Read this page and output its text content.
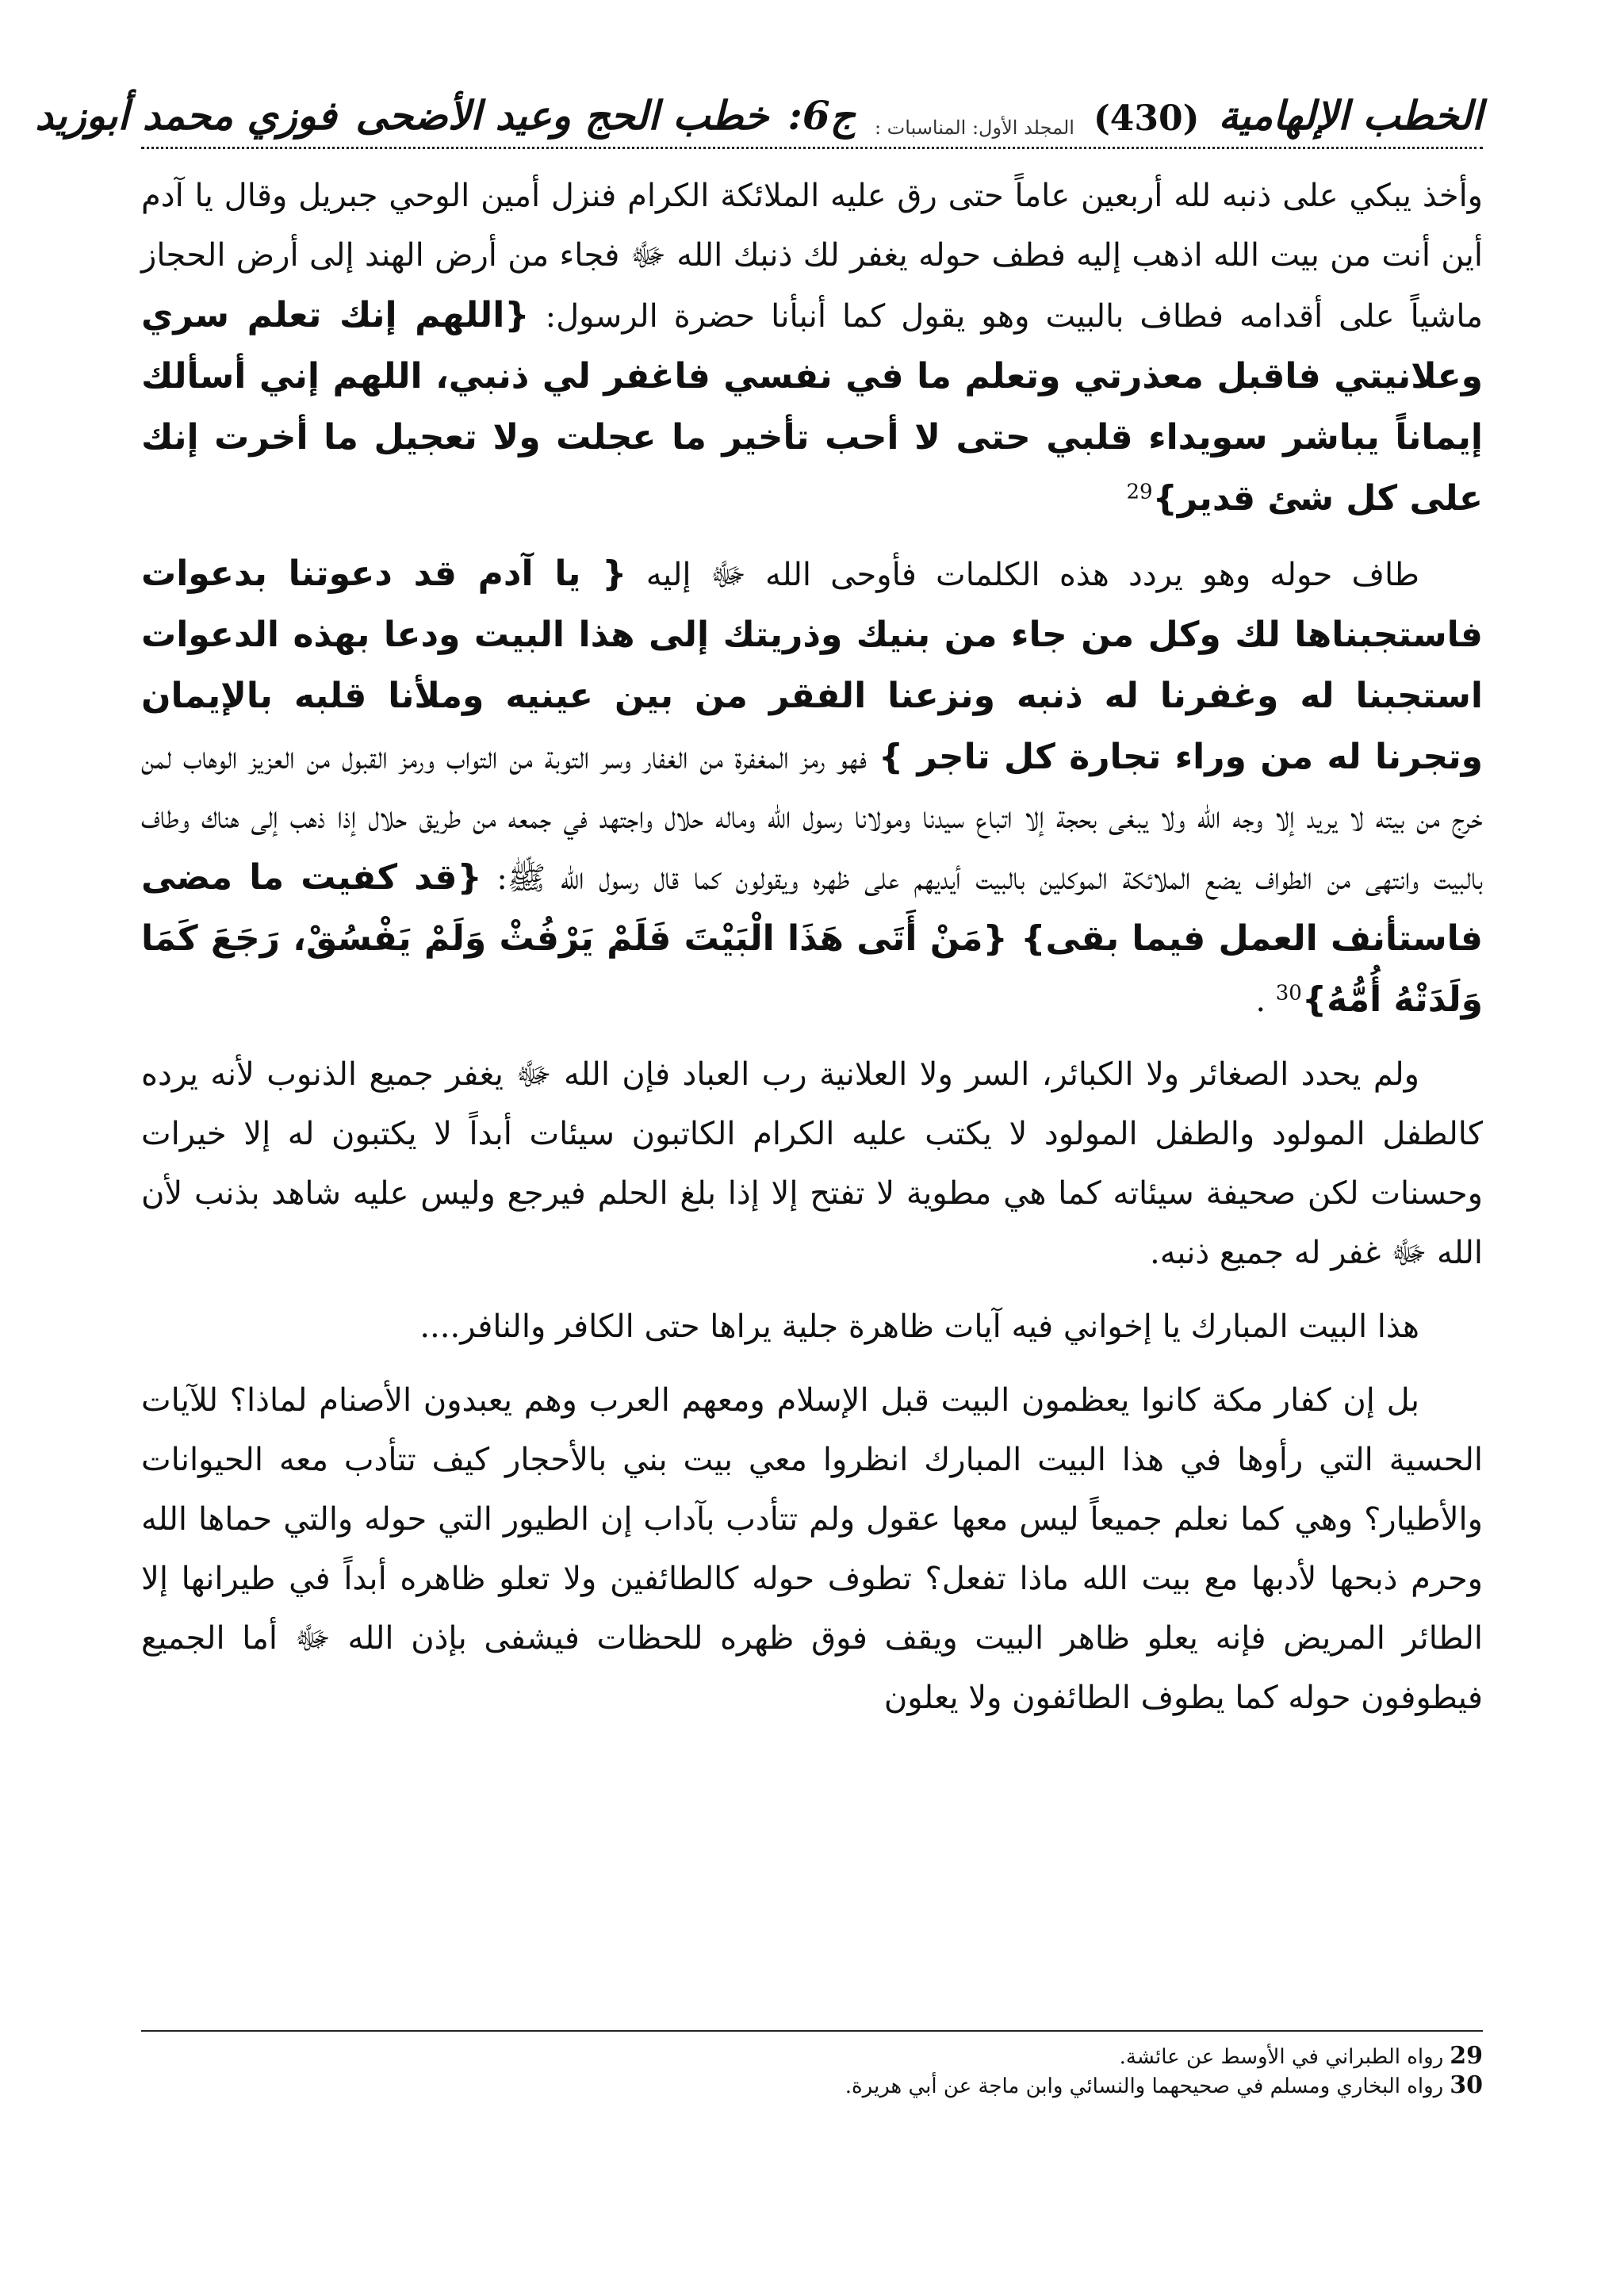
الخطب الإلهامية
(430)
المجلد الأول: المناسبات :
ج6:
خطب الحج وعيد الأضحى
فوزي محمد أبوزيد

وأخذ يبكي على ذنبه لله أربعين عاماً حتى رق عليه الملائكة الكرام فنزل أمين الوحي جبريل وقال يا آدم أين أنت من بيت الله اذهب إليه فطف حوله يغفر لك ذنبك الله ﷻ فجاء من أرض الهند إلى أرض الحجاز ماشياً على أقدامه فطاف بالبيت وهو يقول كما أنبأنا حضرة الرسول: {اللهم إنك تعلم سري وعلانيتي فاقبل معذرتي وتعلم ما في نفسي فاغفر لي ذنبي، اللهم إني أسألك إيماناً يباشر سويداء قلبي حتى لا أحب تأخير ما عجلت ولا تعجيل ما أخرت إنك على كل شئ قدير}$^{29}$

طاف حوله وهو يردد هذه الكلمات فأوحى الله ﷻ إليه { يا آدم قد دعوتنا بدعوات فاستجبناها لك وكل من جاء من بنيك وذريتك إلى هذا البيت ودعا بهذه الدعوات استجبنا له وغفرنا له ذنبه ونزعنا الفقر من بين عينيه وملأنا قلبه بالإيمان وتجرنا له من وراء تجارة كل تاجر } فهو رمز المغفرة من الغفار وسر التوبة من التواب ورمز القبول من العزيز الوهاب لمن خرج من بيته لا يريد إلا وجه الله ولا يبغى بحجة إلا اتباع سيدنا ومولانا رسول الله وماله حلال واجتهد في جمعه من طريق حلال إذا ذهب إلى هناك وطاف بالبيت وانتهى من الطواف يضع الملائكة الموكلين بالبيت أيديهم على ظهره ويقولون كما قال رسول الله ﷺ: {قد كفيت ما مضى فاستأنف العمل فيما بقى} {مَنْ أَتَى هَذَا الْبَيْتَ فَلَمْ يَرْفُثْ وَلَمْ يَفْسُقْ، رَجَعَ كَمَا وَلَدَتْهُ أُمُّهُ}$^{30}$ .

ولم يحدد الصغائر ولا الكبائر، السر ولا العلانية رب العباد فإن الله ﷻ يغفر جميع الذنوب لأنه يرده كالطفل المولود والطفل المولود لا يكتب عليه الكرام الكاتبون سيئات أبداً لا يكتبون له إلا خيرات وحسنات لكن صحيفة سيئاته كما هي مطوية لا تفتح إلا إذا بلغ الحلم فيرجع وليس عليه شاهد بذنب لأن الله ﷻ غفر له جميع ذنبه.

هذا البيت المبارك يا إخواني فيه آيات ظاهرة جلية يراها حتى الكافر والنافر....

بل إن كفار مكة كانوا يعظمون البيت قبل الإسلام ومعهم العرب وهم يعبدون الأصنام لماذا؟ للآيات الحسية التي رأوها في هذا البيت المبارك انظروا معي بيت بني بالأحجار كيف تتأدب معه الحيوانات والأطيار؟ وهي كما نعلم جميعاً ليس معها عقول ولم تتأدب بآداب إن الطيور التي حوله والتي حماها الله وحرم ذبحها لأدبها مع بيت الله ماذا تفعل؟ تطوف حوله كالطائفين ولا تعلو ظاهره أبداً في طيرانها إلا الطائر المريض فإنه يعلو ظاهر البيت ويقف فوق ظهره للحظات فيشفى بإذن الله ﷻ أما الجميع فيطوفون حوله كما يطوف الطائفون ولا يعلون

29رواه الطبراني في الأوسط عن عائشة.
30رواه البخاري ومسلم في صحيحهما والنسائي وابن ماجة عن أبي هريرة.
